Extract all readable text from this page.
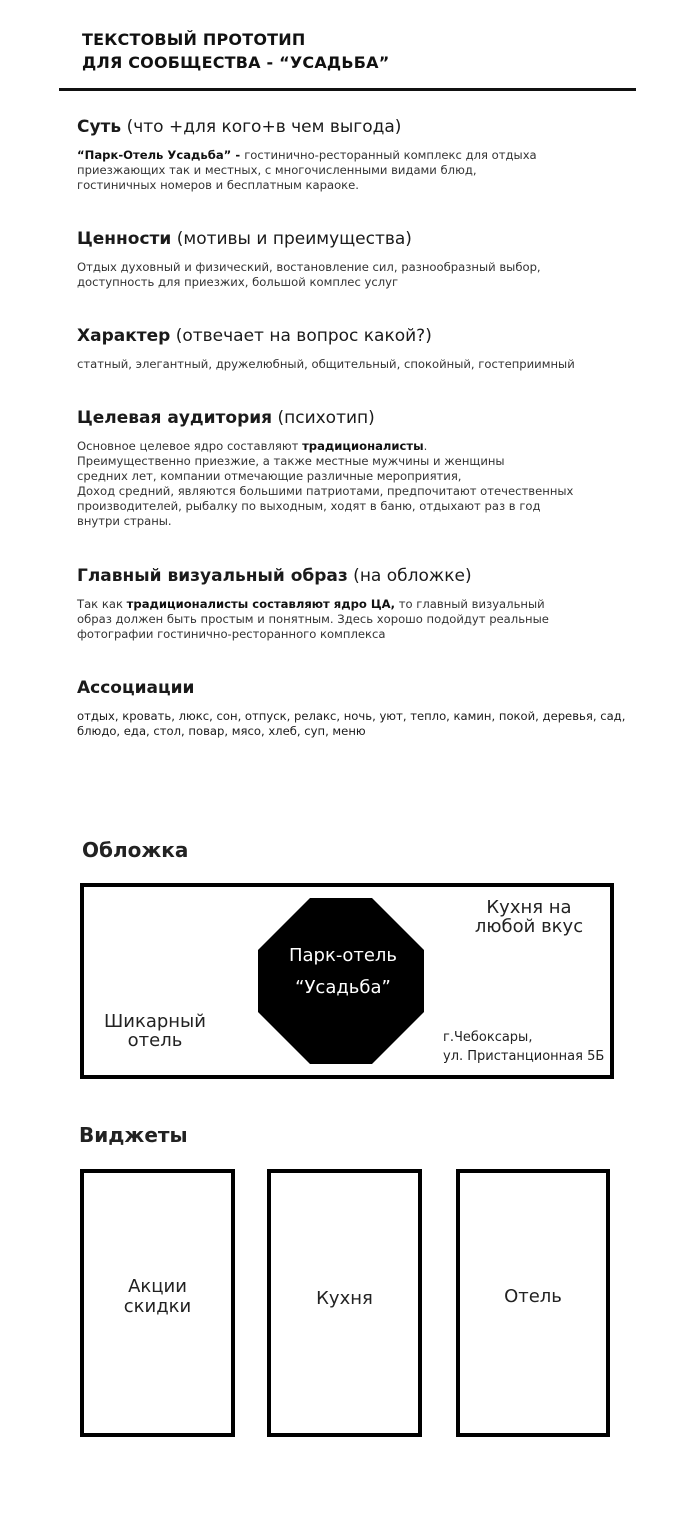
ТЕКСТОВЫЙ ПРОТОТИП
ДЛЯ СООБЩЕСТВА - “УСАДЬБА”
Суть (что +для кого+в чем выгода)
“Парк-Отель Усадьба” - гостинично-ресторанный комплекс для отдыха
приезжающих так и местных, с многочисленными видами блюд,
гостиничных номеров и бесплатным караоке.
Ценности (мотивы и преимущества)
Отдых духовный и физический, востановление сил, разнообразный выбор,
доступность для приезжих, большой комплес услуг
Характер (отвечает на вопрос какой?)
статный, элегантный, дружелюбный, общительный, спокойный, гостеприимный
Целевая аудитория (психотип)
Основное целевое ядро составляют традиционалисты.
Преимущественно приезжие, а также местные мужчины и женщины
средних лет, компании отмечающие различные мероприятия,
Доход средний, являются большими патриотами, предпочитают отечественных
производителей, рыбалку по выходным, ходят в баню, отдыхают раз в год
внутри страны.
Главный визуальный образ (на обложке)
Так как традиционалисты составляют ядро ЦА, то главный визуальный
образ должен быть простым и понятным. Здесь хорошо подойдут реальные
фотографии гостинично-ресторанного комплекса
Ассоциации
отдых, кровать, люкс, сон, отпуск, релакс, ночь, уют, тепло, камин, покой, деревья, сад,
блюдо, еда, стол, повар, мясо, хлеб, суп, меню
Обложка
Шикарный
отель
Парк-отель
“Усадьба”
Кухня на
любой вкус
г.Чебоксары,
ул. Пристанционная 5Б
Виджеты
Акции
скидки	Кухня	Отель
